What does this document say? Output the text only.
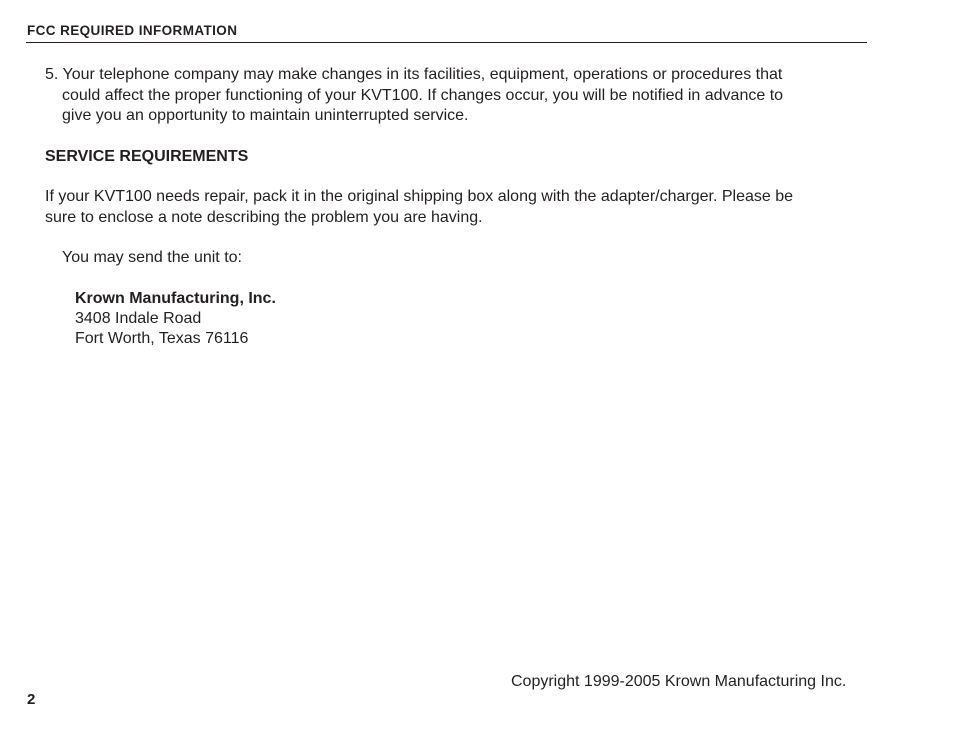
FCC REQUIRED INFORMATION
5. Your telephone company may make changes in its facilities, equipment, operations or procedures that
could affect the proper functioning of your KVT100. If changes occur, you will be notified in advance to
give you an opportunity to maintain uninterrupted service.
SERVICE REQUIREMENTS
If your KVT100 needs repair, pack it in the original shipping box along with the adapter/charger. Please be
sure to enclose a note describing the problem you are having.
You may send the unit to:
Krown Manufacturing, Inc.
3408 Indale Road
Fort Worth, Texas 76116
Copyright 1999-2005 Krown Manufacturing Inc.
2
